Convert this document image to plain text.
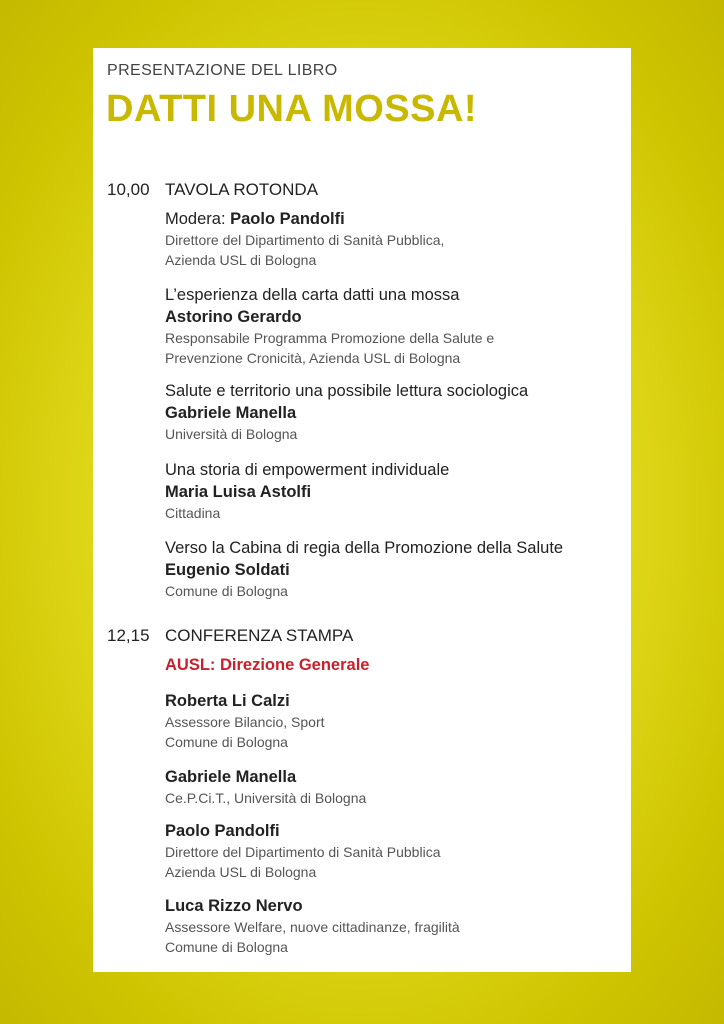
PRESENTAZIONE DEL LIBRO
DATTI UNA MOSSA!
10,00 TAVOLA ROTONDA
Modera: Paolo Pandolfi
Direttore del Dipartimento di Sanità Pubblica,
Azienda USL di Bologna
L’esperienza della carta datti una mossa
Astorino Gerardo
Responsabile Programma Promozione della Salute e
Prevenzione Cronicità, Azienda USL di Bologna
Salute e territorio una possibile lettura sociologica
Gabriele Manella
Università di Bologna
Una storia di empowerment individuale
Maria Luisa Astolfi
Cittadina
Verso la Cabina di regia della Promozione della Salute
Eugenio Soldati
Comune di Bologna
12,15 CONFERENZA STAMPA
AUSL: Direzione Generale
Roberta Li Calzi
Assessore Bilancio, Sport
Comune di Bologna
Gabriele Manella
Ce.P.Ci.T., Università di Bologna
Paolo Pandolfi
Direttore del Dipartimento di Sanità Pubblica
Azienda USL di Bologna
Luca Rizzo Nervo
Assessore Welfare, nuove cittadinanze, fragilità
Comune di Bologna
